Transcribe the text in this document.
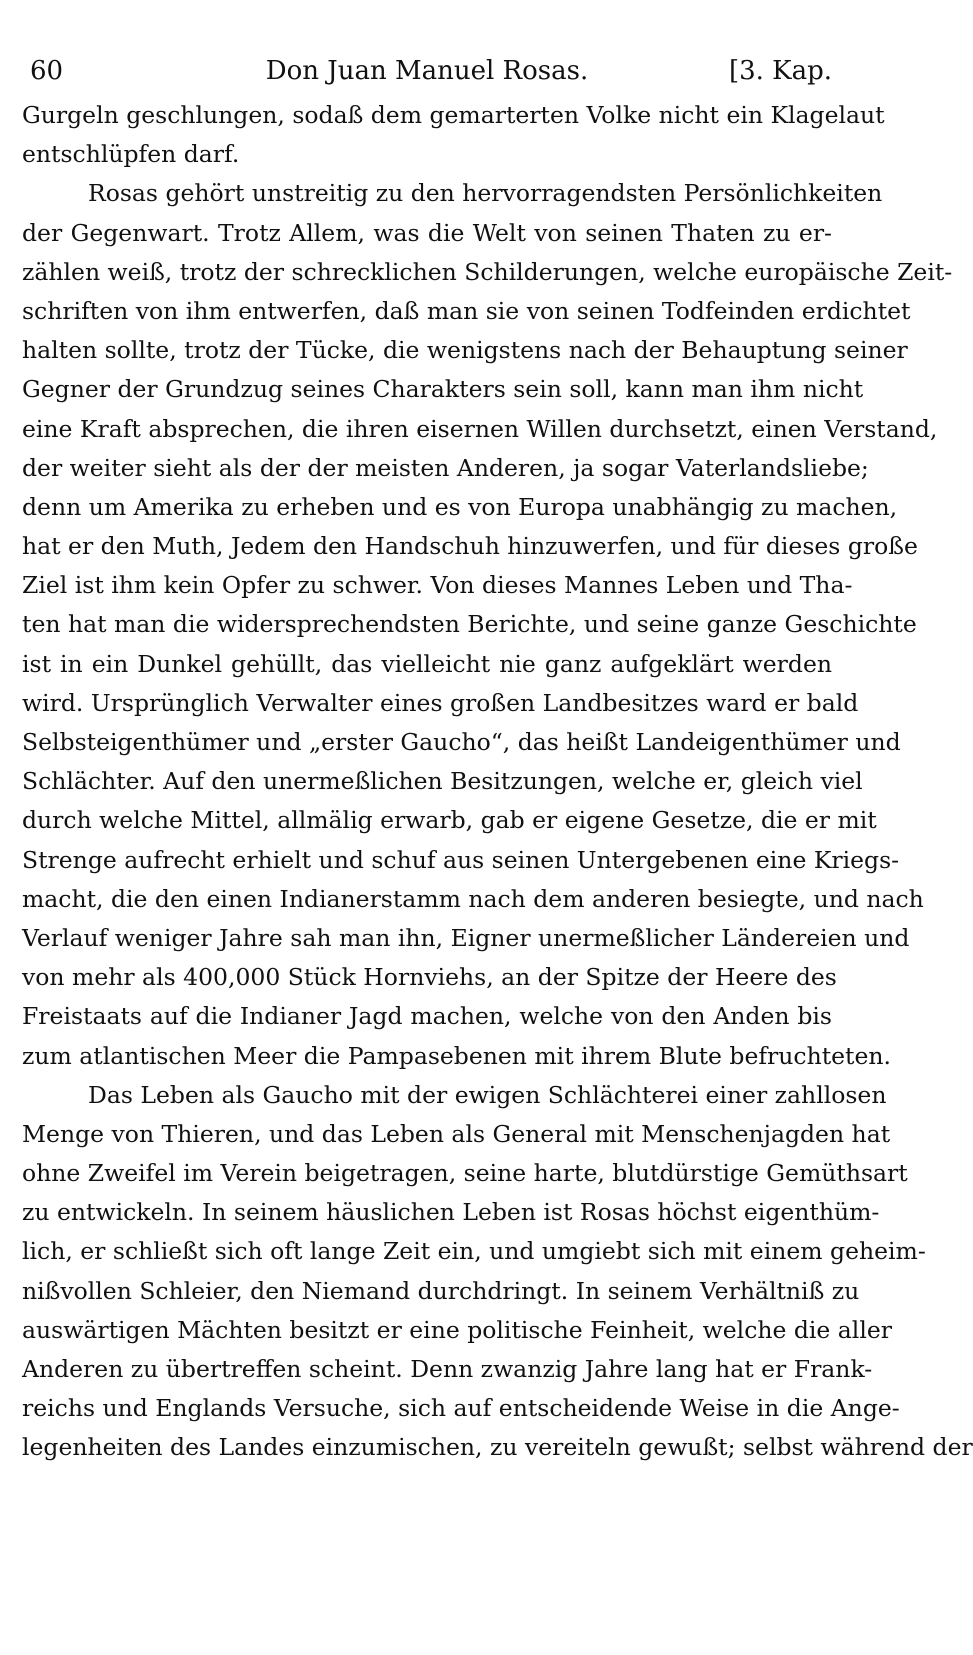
60	Don Juan Manuel Rosas.	[3. Kap.
Gurgeln geschlungen, sodaß dem gemarterten Volke nicht ein Klagelaut
entschlüpfen darf.
Rosas gehört unstreitig zu den hervorragendsten Persönlichkeiten
der Gegenwart. Trotz Allem, was die Welt von seinen Thaten zu er-
zählen weiß, trotz der schrecklichen Schilderungen, welche europäische Zeit-
schriften von ihm entwerfen, daß man sie von seinen Todfeinden erdichtet
halten sollte, trotz der Tücke, die wenigstens nach der Behauptung seiner
Gegner der Grundzug seines Charakters sein soll, kann man ihm nicht
eine Kraft absprechen, die ihren eisernen Willen durchsetzt, einen Verstand,
der weiter sieht als der der meisten Anderen, ja sogar Vaterlandsliebe;
denn um Amerika zu erheben und es von Europa unabhängig zu machen,
hat er den Muth, Jedem den Handschuh hinzuwerfen, und für dieses große
Ziel ist ihm kein Opfer zu schwer. Von dieses Mannes Leben und Tha-
ten hat man die widersprechendsten Berichte, und seine ganze Geschichte
ist in ein Dunkel gehüllt, das vielleicht nie ganz aufgeklärt werden
wird. Ursprünglich Verwalter eines großen Landbesitzes ward er bald
Selbsteigenthümer und „erster Gaucho“, das heißt Landeigenthümer und
Schlächter. Auf den unermeßlichen Besitzungen, welche er, gleich viel
durch welche Mittel, allmälig erwarb, gab er eigene Gesetze, die er mit
Strenge aufrecht erhielt und schuf aus seinen Untergebenen eine Kriegs-
macht, die den einen Indianerstamm nach dem anderen besiegte, und nach
Verlauf weniger Jahre sah man ihn, Eigner unermeßlicher Ländereien und
von mehr als 400,000 Stück Hornviehs, an der Spitze der Heere des
Freistaats auf die Indianer Jagd machen, welche von den Anden bis
zum atlantischen Meer die Pampasebenen mit ihrem Blute befruchteten.
Das Leben als Gaucho mit der ewigen Schlächterei einer zahllosen
Menge von Thieren, und das Leben als General mit Menschenjagden hat
ohne Zweifel im Verein beigetragen, seine harte, blutdürstige Gemüthsart
zu entwickeln. In seinem häuslichen Leben ist Rosas höchst eigenthüm-
lich, er schließt sich oft lange Zeit ein, und umgiebt sich mit einem geheim-
nißvollen Schleier, den Niemand durchdringt. In seinem Verhältniß zu
auswärtigen Mächten besitzt er eine politische Feinheit, welche die aller
Anderen zu übertreffen scheint. Denn zwanzig Jahre lang hat er Frank-
reichs und Englands Versuche, sich auf entscheidende Weise in die Ange-
legenheiten des Landes einzumischen, zu vereiteln gewußt; selbst während der
